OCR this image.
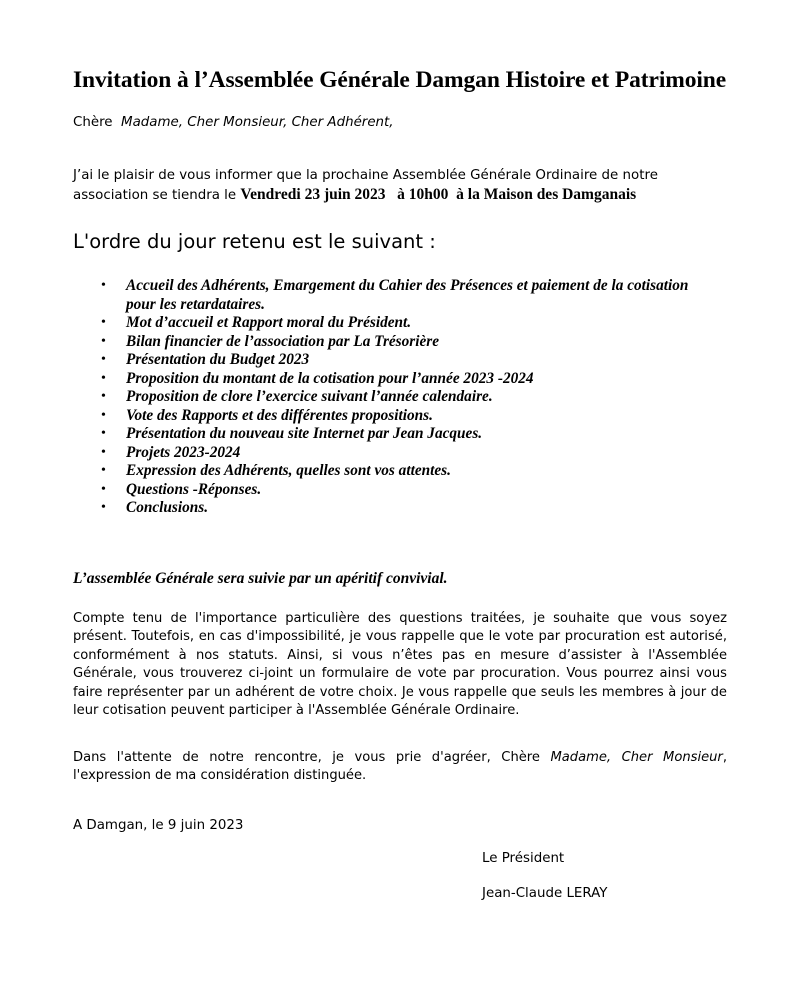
Invitation à l’Assemblée Générale Damgan Histoire et Patrimoine
Chère Madame, Cher Monsieur, Cher Adhérent,
J’ai le plaisir de vous informer que la prochaine Assemblée Générale Ordinaire de notre association se tiendra le Vendredi 23 juin 2023 à 10h00 à la Maison des Damganais
L'ordre du jour retenu est le suivant :
• Accueil des Adhérents, Emargement du Cahier des Présences et paiement de la cotisation pour les retardataires.
• Mot d’accueil et Rapport moral du Président.
• Bilan financier de l’association par La Trésorière
• Présentation du Budget 2023
• Proposition du montant de la cotisation pour l’année 2023 -2024
• Proposition de clore l’exercice suivant l’année calendaire.
• Vote des Rapports et des différentes propositions.
• Présentation du nouveau site Internet par Jean Jacques.
• Projets 2023-2024
• Expression des Adhérents, quelles sont vos attentes.
• Questions -Réponses.
• Conclusions.
L’assemblée Générale sera suivie par un apéritif convivial.
Compte tenu de l'importance particulière des questions traitées, je souhaite que vous soyez présent. Toutefois, en cas d'impossibilité, je vous rappelle que le vote par procuration est autorisé, conformément à nos statuts. Ainsi, si vous n’êtes pas en mesure d’assister à l'Assemblée Générale, vous trouverez ci-joint un formulaire de vote par procuration. Vous pourrez ainsi vous faire représenter par un adhérent de votre choix. Je vous rappelle que seuls les membres à jour de leur cotisation peuvent participer à l'Assemblée Générale Ordinaire.
Dans l'attente de notre rencontre, je vous prie d'agréer, Chère Madame, Cher Monsieur, l'expression de ma considération distinguée.
A Damgan, le 9 juin 2023
Le Président
Jean-Claude LERAY
